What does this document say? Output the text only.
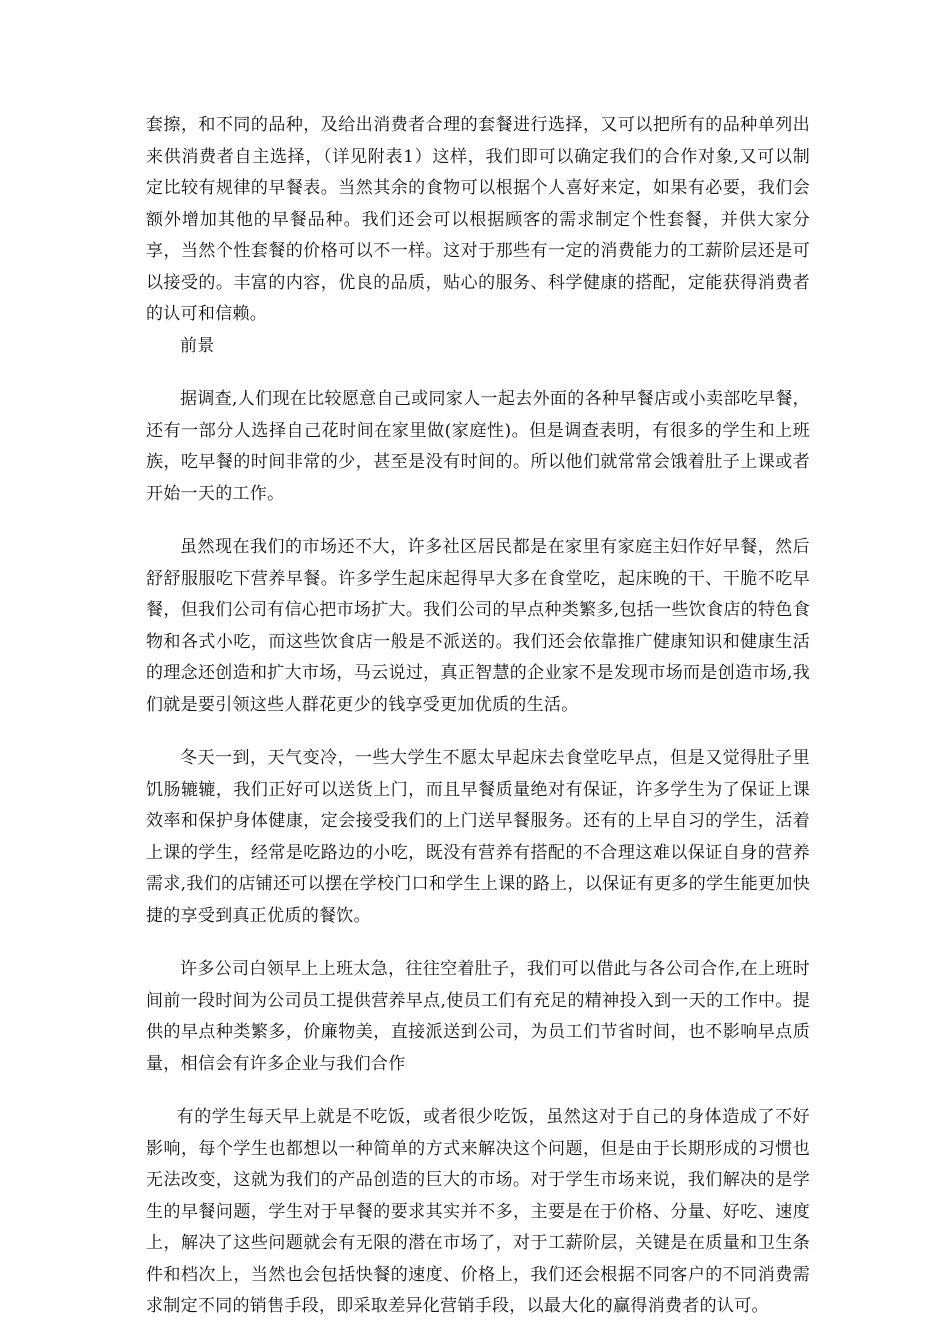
套擦，和不同的品种，及给出消费者合理的套餐进行选择，又可以把所有的品种单列出来供消费者自主选择，（详见附表1）这样，我们即可以确定我们的合作对象,又可以制定比较有规律的早餐表。当然其余的食物可以根据个人喜好来定，如果有必要，我们会额外增加其他的早餐品种。我们还会可以根据顾客的需求制定个性套餐，并供大家分享，当然个性套餐的价格可以不一样。这对于那些有一定的消费能力的工薪阶层还是可以接受的。丰富的内容，优良的品质，贴心的服务、科学健康的搭配，定能获得消费者的认可和信赖。

前景

据调查,人们现在比较愿意自己或同家人一起去外面的各种早餐店或小卖部吃早餐，还有一部分人选择自己花时间在家里做(家庭性)。但是调查表明，有很多的学生和上班族，吃早餐的时间非常的少，甚至是没有时间的。所以他们就常常会饿着肚子上课或者开始一天的工作。

虽然现在我们的市场还不大，许多社区居民都是在家里有家庭主妇作好早餐，然后舒舒服服吃下营养早餐。许多学生起床起得早大多在食堂吃，起床晚的干、干脆不吃早餐，但我们公司有信心把市场扩大。我们公司的早点种类繁多,包括一些饮食店的特色食物和各式小吃，而这些饮食店一般是不派送的。我们还会依靠推广健康知识和健康生活的理念还创造和扩大市场，马云说过，真正智慧的企业家不是发现市场而是创造市场,我们就是要引领这些人群花更少的钱享受更加优质的生活。

冬天一到，天气变冷，一些大学生不愿太早起床去食堂吃早点，但是又觉得肚子里饥肠辘辘，我们正好可以送货上门，而且早餐质量绝对有保证，许多学生为了保证上课效率和保护身体健康，定会接受我们的上门送早餐服务。还有的上早自习的学生，活着上课的学生，经常是吃路边的小吃，既没有营养有搭配的不合理这难以保证自身的营养需求,我们的店铺还可以摆在学校门口和学生上课的路上，以保证有更多的学生能更加快捷的享受到真正优质的餐饮。

许多公司白领早上上班太急，往往空着肚子，我们可以借此与各公司合作,在上班时间前一段时间为公司员工提供营养早点,使员工们有充足的精神投入到一天的工作中。提供的早点种类繁多，价廉物美，直接派送到公司，为员工们节省时间，也不影响早点质量，相信会有许多企业与我们合作

有的学生每天早上就是不吃饭，或者很少吃饭，虽然这对于自己的身体造成了不好影响，每个学生也都想以一种简单的方式来解决这个问题，但是由于长期形成的习惯也无法改变，这就为我们的产品创造的巨大的市场。对于学生市场来说，我们解决的是学生的早餐问题，学生对于早餐的要求其实并不多，主要是在于价格、分量、好吃、速度上，解决了这些问题就会有无限的潜在市场了，对于工薪阶层，关键是在质量和卫生条件和档次上，当然也会包括快餐的速度、价格上，我们还会根据不同客户的不同消费需求制定不同的销售手段，即采取差异化营销手段，以最大化的赢得消费者的认可。
